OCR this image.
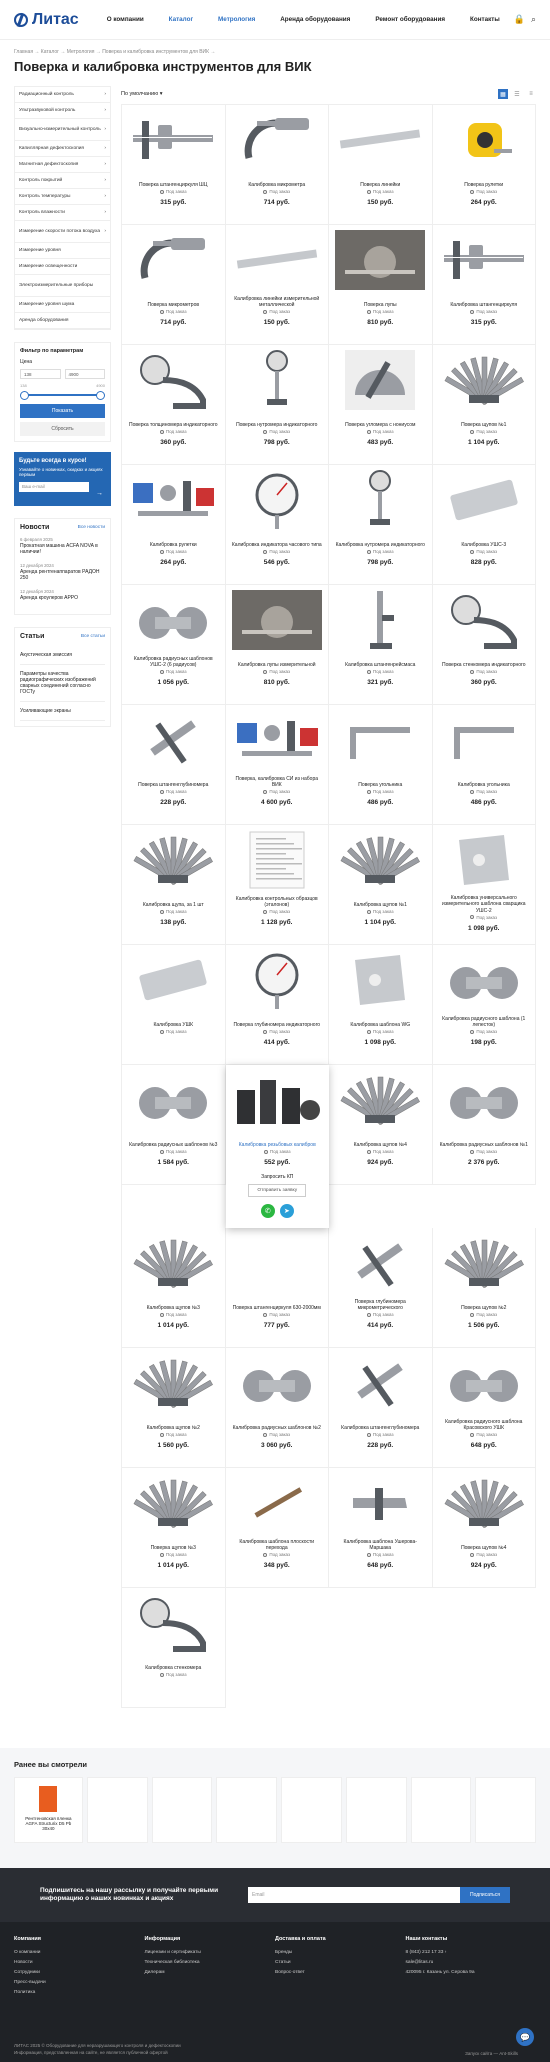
Литас	О компании	Каталог	Метрология	Аренда оборудования	Ремонт оборудования	Контакты 🔒 ⌕
Главная → Каталог → Метрология → Поверка и калибровка инструментов для ВИК →
Поверка и калибровка инструментов для ВИК
Радиационный контроль	›
Ультразвуковой контроль	›
Визуально-измерительный контроль ›
Капиллярная дефектоскопия	›
Магнитная дефектоскопия	›
Контроль покрытий	›
Контроль температуры	›
Контроль влажности	›
Измерение скорости потока воздуха ›
Измерение уровня
Измерение освещенности
Электроизмерительные приборы
Измерение уровня шума
Аренда оборудования
Фильтр по параметрам
Цена
138	4900
138	4900
Показать
Сбросить
Будьте всегда в курсе!
Узнавайте о новинках, скидках и акциях первым
Ваш e-mail
→
Новости	Все новости
6 февраля 2025
Прокатная машина ACFA NOVA в наличии!
12 декабря 2024
Аренда рентгенаппаратов РАДОН 250
12 декабря 2024
Аренда кроулеров APPO
Статьи	Все статьи
Акустическая эмиссия
Параметры качества радиографических изображений сварных соединений согласно ГОСТу
Усиливающие экраны
По умолчанию ▾	▦	☰	≡
Поверка штангенциркуля ШЦ
Под заказ
315 руб.
Калибровка микрометра
Под заказ
714 руб.
Поверка линейки
Под заказ
150 руб.
Поверка рулетки
Под заказ
264 руб.
Поверка микрометров
Под заказ
714 руб.
Калибровка линейки измерительной металлической
Под заказ
150 руб.
Поверка лупы
Под заказ
810 руб.
Калибровка штангенциркуля
Под заказ
315 руб.
Поверка толщиномера индикаторного
Под заказ
360 руб.
Поверка нутромера индикаторного
Под заказ
798 руб.
Поверка угломера с нониусом
Под заказ
483 руб.
Поверка щупов №1
Под заказ
1 104 руб.
Калибровка рулетки
Под заказ
264 руб.
Калибровка индикатора часового типа
Под заказ
546 руб.
Калибровка нутромера индикаторного
Под заказ
798 руб.
Калибровка УШС-3
Под заказ
828 руб.
Калибровка радиусных шаблонов УШС-2 (6 радиусов)
Под заказ
1 056 руб.
Калибровка лупы измерительной
Под заказ
810 руб.
Калибровка штангенрейсмаса
Под заказ
321 руб.
Поверка стенкомера индикаторного
Под заказ
360 руб.
Поверка штангенглубиномера
Под заказ
228 руб.
Поверка, калибровка СИ из набора ВИК
Под заказ
4 600 руб.
Поверка угольника
Под заказ
486 руб.
Калибровка угольника
Под заказ
486 руб.
Калибровка щупа, за 1 шт
Под заказ
138 руб.
Калибровка контрольных образцов (эталонов)
Под заказ
1 128 руб.
Калибровка щупов №1
Под заказ
1 104 руб.
Калибровка универсального измерительного шаблона сварщика УШС-2
Под заказ
1 098 руб.
Калибровка УШК
Под заказ
Поверка глубиномера индикаторного
Под заказ
414 руб.
Калибровка шаблона WG
Под заказ
1 098 руб.
Калибровка радиусного шаблона (1 лепесток)
Под заказ
198 руб.
Калибровка радиусных шаблонов №3
Под заказ
1 584 руб.
Калибровка резьбовых калибров
Под заказ
552 руб.
Запросить КП
Отправить заявку
✆	➤
Калибровка щупов №4
Под заказ
924 руб.
Калибровка радиусных шаблонов №1
Под заказ
2 376 руб.
Калибровка щупов №3
Под заказ
1 014 руб.
Поверка штангенциркуля 630-2000мм
Под заказ
777 руб.
Поверка глубиномера микрометрического
Под заказ
414 руб.
Поверка щупов №2
Под заказ
1 506 руб.
Калибровка щупов №2
Под заказ
1 560 руб.
Калибровка радиусных шаблонов №2
Под заказ
3 060 руб.
Калибровка штангенглубиномера
Под заказ
228 руб.
Калибровка радиусного шаблона Красовского УШК
Под заказ
648 руб.
Поверка щупов №3
Под заказ
1 014 руб.
Калибровка шаблона плоскости перехода
Под заказ
348 руб.
Калибровка шаблона Ушерова-Маршака
Под заказ
648 руб.
Поверка щупов №4
Под заказ
924 руб.
Калибровка стенкомера
Под заказ
Ранее вы смотрели
Рентгеновская пленка AGFA Structurix D5 Pb 30x40
Подпишитесь на нашу рассылку и получайте первыми информацию о наших новинках и акциях	Email	Подписаться
Компания
О компании
Новости
Сотрудники
Пресс-выдачи
Политика
Информация
Лицензии и сертификаты
Техническая библиотека
Дилерам
Доставка и оплата
Бренды
Статьи
Вопрос-ответ
Наши контакты
8 (843) 212 17 33 ›
sale@litas.ru
420095 г. Казань ул. Серова 9а
ЛИТАС 2025 © Оборудование для неразрушающего контроля и дефектоскопии
Информация, представленная на сайте, не является публичной офертой	Запуск сайта — Ant-Skills
💬
